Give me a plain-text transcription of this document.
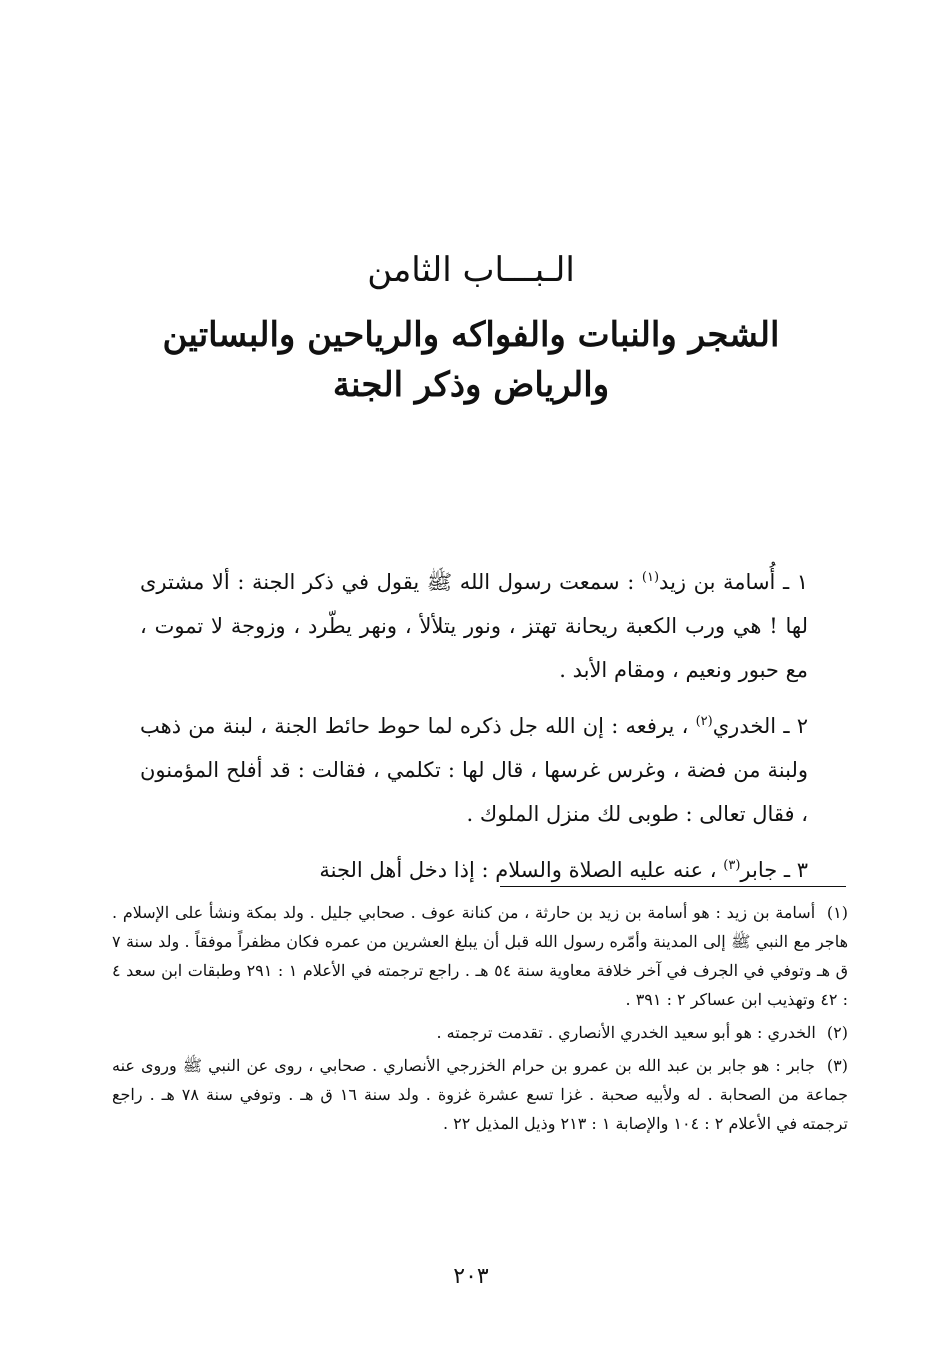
الـبـــاب الثامن
الشجر والنبات والفواكه والرياحين والبساتين والرياض وذكر الجنة

١ ـ أُسامة بن زيد$^{(١)}$ : سمعت رسول الله ﷺ يقول في ذكر الجنة : ألا مشترى لها ! هي ورب الكعبة ريحانة تهتز ، ونور يتلألأ ، ونهر يطّرد ، وزوجة لا تموت ، مع حبور ونعيم ، ومقام الأبد .

٢ ـ الخدري$^{(٢)}$ ، يرفعه : إن الله جل ذكره لما حوط حائط الجنة ، لبنة من ذهب ولبنة من فضة ، وغرس غرسها ، قال لها : تكلمي ، فقالت : قد أفلح المؤمنون ، فقال تعالى : طوبى لك منزل الملوك .

٣ ـ جابر$^{(٣)}$ ، عنه عليه الصلاة والسلام : إذا دخل أهل الجنة

(١) أسامة بن زيد : هو أسامة بن زيد بن حارثة ، من كنانة عوف . صحابي جليل . ولد بمكة ونشأ على الإسلام . هاجر مع النبي ﷺ إلى المدينة وأمّره رسول الله قبل أن يبلغ العشرين من عمره فكان مظفراً موفقاً . ولد سنة ٧ ق هـ وتوفي في الجرف في آخر خلافة معاوية سنة ٥٤ هـ . راجع ترجمته في الأعلام ١ : ٢٩١ وطبقات ابن سعد ٤ : ٤٢ وتهذيب ابن عساكر ٢ : ٣٩١ .

(٢) الخدري : هو أبو سعيد الخدري الأنصاري . تقدمت ترجمته .

(٣) جابر : هو جابر بن عبد الله بن عمرو بن حرام الخزرجي الأنصاري . صحابي ، روى عن النبي ﷺ وروى عنه جماعة من الصحابة . له ولأبيه صحبة . غزا تسع عشرة غزوة . ولد سنة ١٦ ق هـ . وتوفي سنة ٧٨ هـ . راجع ترجمته في الأعلام ٢ : ١٠٤ والإصابة ١ : ٢١٣ وذيل المذيل ٢٢ .

٢٠٣
